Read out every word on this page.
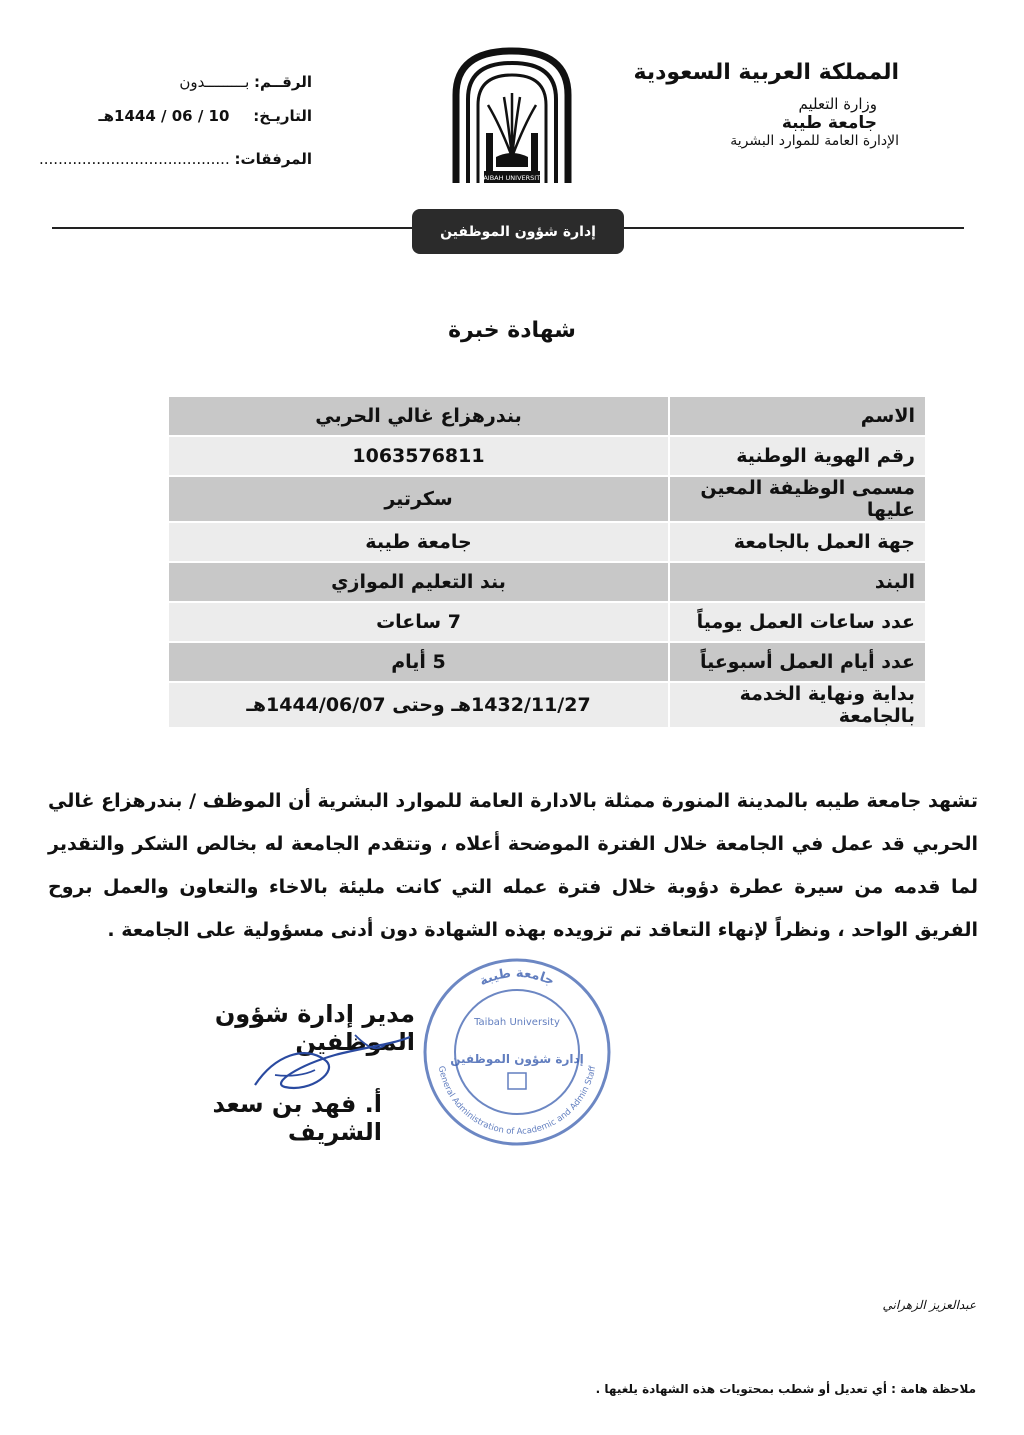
المملكة العربية السعودية
وزارة التعليم
جامعة طيبة
الإدارة العامة للموارد البشرية
الرقــم: بـــــــــدون
التاريـخ:     10 / 06 / 1444هـ
المرفقات: ........................................
TAIBAH UNIVERSITY
إدارة شؤون الموظفين
شهادة خبرة
الاسم	بندرهزاع غالي الحربي
رقم الهوية الوطنية	1063576811
مسمى الوظيفة المعين عليها	سكرتير
جهة العمل بالجامعة	جامعة طيبة
البند	بند التعليم الموازي
عدد ساعات العمل يومياً	7 ساعات
عدد أيام العمل أسبوعياً	5 أيام
بداية ونهاية الخدمة بالجامعة	1432/11/27هـ وحتى 1444/06/07هـ
تشهد جامعة طيبه بالمدينة المنورة ممثلة بالادارة العامة للموارد البشرية أن الموظف / بندرهزاع غالي الحربي قد عمل في الجامعة خلال الفترة الموضحة أعلاه ، وتتقدم الجامعة له بخالص الشكر والتقدير لما قدمه من سيرة عطرة دؤوبة خلال فترة عمله التي كانت مليئة بالاخاء والتعاون والعمل بروح الفريق الواحد ، ونظراً لإنهاء التعاقد تم تزويده بهذه الشهادة دون أدنى مسؤولية على الجامعة .
جامعة طيبة
General Administration of Academic and Admin Staff
Taibah University
إدارة شؤون الموظفين
مدير إدارة شؤون الموظفين
أ. فهد بن سعد الشريف
عبدالعزيز الزهراني
ملاحظة هامة : أي تعديل أو شطب بمحتويات هذه الشهادة يلغيها .
